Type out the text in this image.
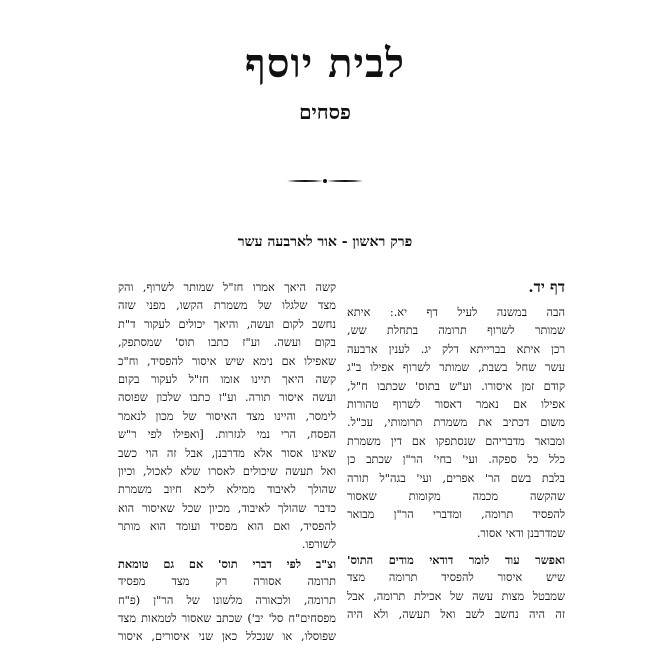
לבית יוסף
פסחים
פרק ראשון - אור לארבעה עשר
דף יד.
הבה במשנה לעיל דף יא.: איתא
שמותר לשרוף תרומה בתחלת שש,
רכן איתא בברייתא דלק יג. לענין ארבעה
עשר שחל בשבת, שמותר לשרוף אפילו ב"ג
קודם זמן איסורו. וע"ש בתוס' שכתבו ח"ל,
אפילו אם נאמר דאסור לשרוף טהורות
משום דכתיב את משמרת תרומותי, עכ"ל.
ומבואר מדבריהם שנסתפקו אם דין משמרת
כלל כל ספקה. ועי' בחי' הר"ן שכתב כן
בלבת בשם הר' אפרים, ועי' בגה"ל תורה
שהקשה מכמה מקומות שאסור
להפסיד תרומה, ומדברי הר"ן מבואר
שמדרבנן ודאי אסור.
ואפשר עוד לומר דודאי מודים התוס'
שיש איסור להפסיד תרומה מצד
שמבטל מצות עשה של אכילת תרומה, אבל
זה היה נחשב לשב ואל תעשה, ולא היה
קשה היאך אמרו חז"ל שמותר לשרוף, והק
מצד שלגלו של משמרת הקשו, מפני שזה
נחשב לקום ועשה, והיאך יכולים לעקור ד"ת
בקום ועשה. וע"ז כתבו תוס' שמסתפק,
שאפילו אם נימא שיש איסור להפסיד, וח"כ
קשה היאך תיינו אומו חז"ל לעקור בקום
ועשה איסור תורה. וע"ז כתבו שלכון שפוסה
לימסר, והיינו מצד האיסור של מכון לנאמר
הפסח, הרי נמי לגזרות. [ואפילו לפי ר"ש
שאינו אסור אלא מדרבנן, אבל זה הוי כשב
ואל תעשה שיכולים לאסרו שלא לאכול, וכיון
שהולך לאיבוד ממילא ליכא חיוב משמרת
כדבר שהולך לאיבוד, מכיון שכל שאיסור הוא
להפסיד, ואם הוא מפסיד ועומד הוא מותר
לשורפו.
וצ"ב לפי דברי תוס' אם גם טומאת
תרומה אסורה רק מצד מפסיד
תרומה, ולכאורה מלשונו של הר"ן (פ"ח
מפסחים"ח סל' יב') שכתב שאסור לטמאות מצד
שפוסלו, או שנכלל כאן שני איסורים, איסור
